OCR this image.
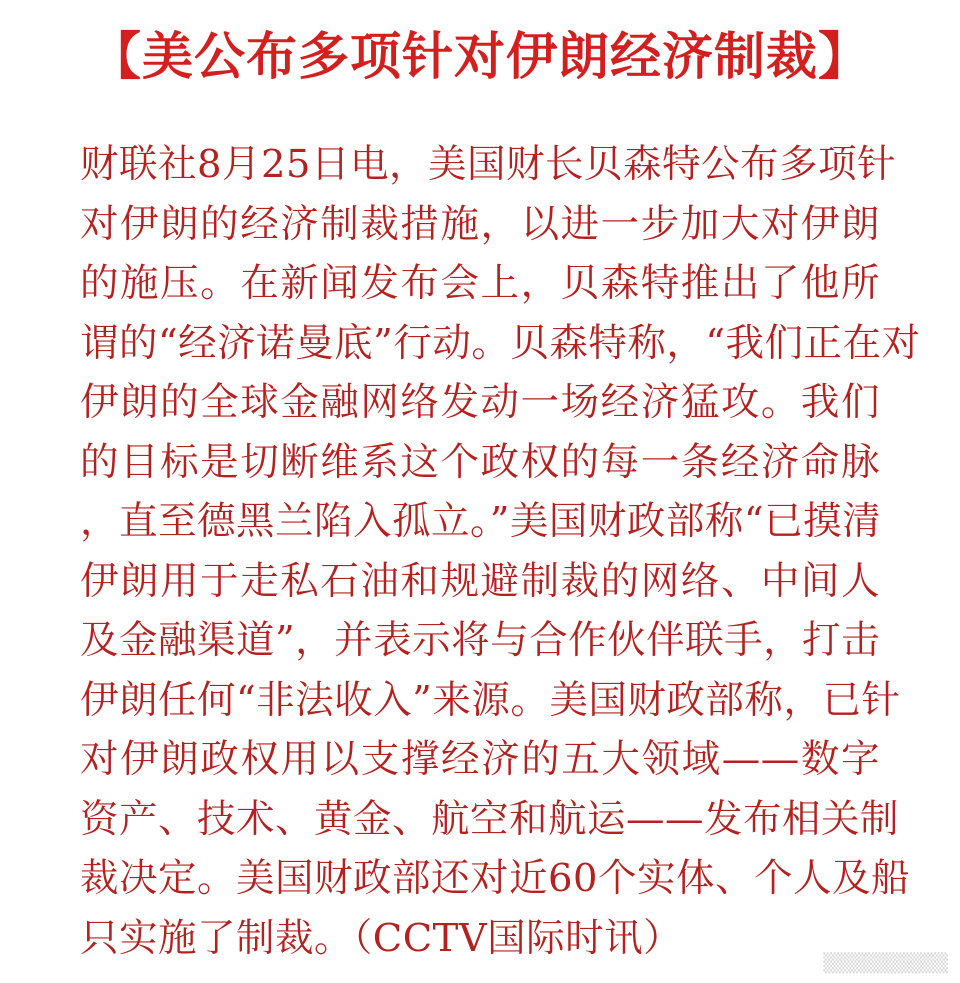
【美公布多项针对伊朗经济制裁】
财联社8月25日电，美国财长贝森特公布多项针
对伊朗的经济制裁措施，以进一步加大对伊朗
的施压。在新闻发布会上，贝森特推出了他所
谓的“经济诺曼底”行动。贝森特称，“我们正在对
伊朗的全球金融网络发动一场经济猛攻。我们
的目标是切断维系这个政权的每一条经济命脉
，直至德黑兰陷入孤立。”美国财政部称“已摸清
伊朗用于走私石油和规避制裁的网络、中间人
及金融渠道”，并表示将与合作伙伴联手，打击
伊朗任何“非法收入”来源。美国财政部称，已针
对伊朗政权用以支撑经济的五大领域——数字
资产、技术、黄金、航空和航运——发布相关制
裁决定。美国财政部还对近60个实体、个人及船
只实施了制裁。（CCTV国际时讯）
▒▒▒▒▒▒▒▒▒
